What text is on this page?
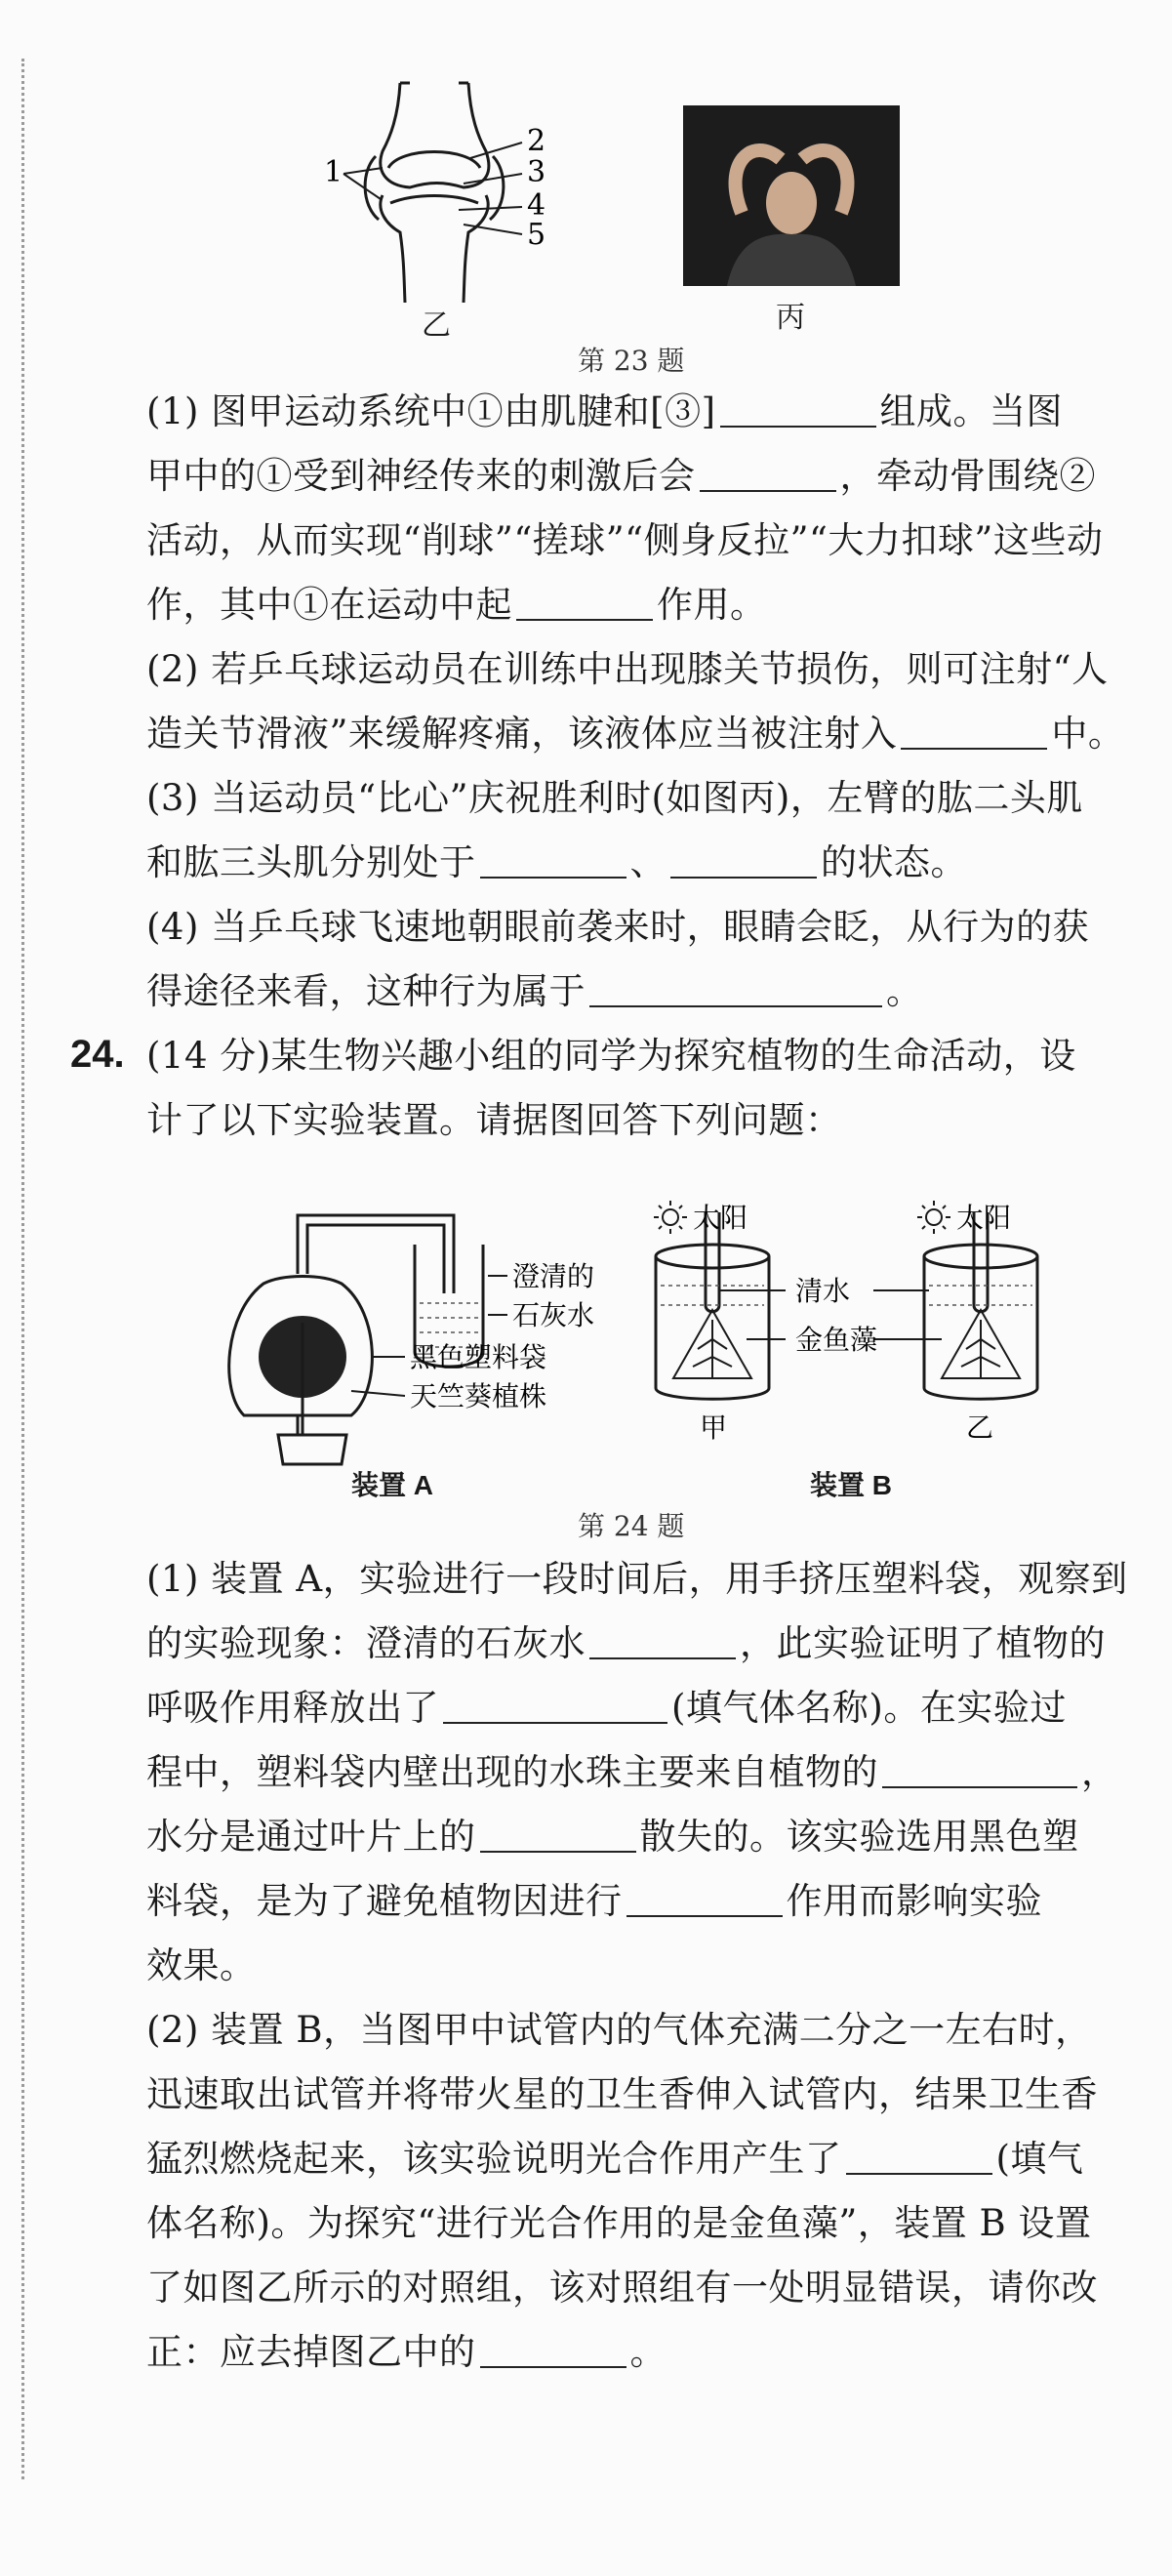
1
2
3
4
5
乙	丙
第 23 题
(1) 图甲运动系统中①由肌腱和[③]	组成。当图
甲中的①受到神经传来的刺激后会	，牵动骨围绕②
活动，从而实现“削球”“搓球”“侧身反拉”“大力扣球”这些动
作，其中①在运动中起	作用。
(2) 若乒乓球运动员在训练中出现膝关节损伤，则可注射“人
造关节滑液”来缓解疼痛，该液体应当被注射入	中。
(3) 当运动员“比心”庆祝胜利时(如图丙)，左臂的肱二头肌
和肱三头肌分别处于	、	的状态。
(4) 当乒乓球飞速地朝眼前袭来时，眼睛会眨，从行为的获
得途径来看，这种行为属于	。
24. (14 分)某生物兴趣小组的同学为探究植物的生命活动，设
计了以下实验装置。请据图回答下列问题：
澄清的
石灰水
黑色塑料袋
天竺葵植株
装置 A
太阳	太阳
清水
金鱼藻
甲	乙
装置 B
第 24 题
(1) 装置 A，实验进行一段时间后，用手挤压塑料袋，观察到
的实验现象：澄清的石灰水	，此实验证明了植物的
呼吸作用释放出了	(填气体名称)。在实验过
程中，塑料袋内壁出现的水珠主要来自植物的	，
水分是通过叶片上的	散失的。该实验选用黑色塑
料袋，是为了避免植物因进行	作用而影响实验
效果。
(2) 装置 B，当图甲中试管内的气体充满二分之一左右时，
迅速取出试管并将带火星的卫生香伸入试管内，结果卫生香
猛烈燃烧起来，该实验说明光合作用产生了	(填气
体名称)。为探究“进行光合作用的是金鱼藻”，装置 B 设置
了如图乙所示的对照组，该对照组有一处明显错误，请你改
正：应去掉图乙中的	。
